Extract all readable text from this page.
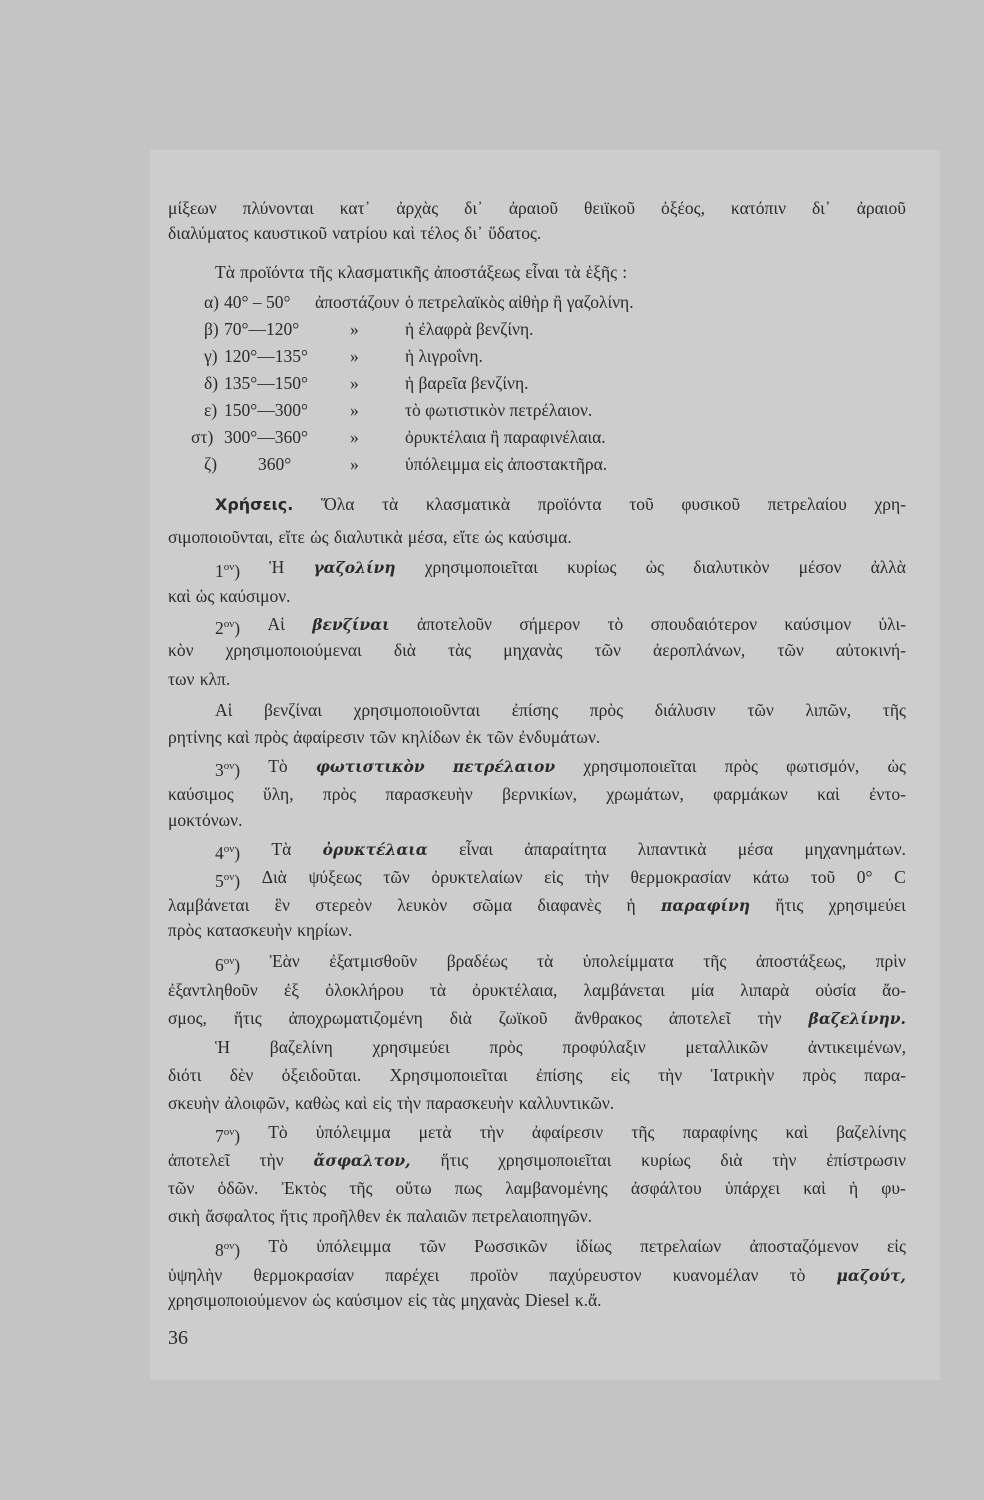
μίξεων πλύνονται κατ᾽ ἀρχὰς δι᾽ ἀραιοῦ θειϊκοῦ ὀξέος, κατόπιν δι᾽ ἀραιοῦ
διαλύματος καυστικοῦ νατρίου καὶ τέλος δι᾽ ὕδατος.
Τὰ προϊόντα τῆς κλασματικῆς ἀποστάξεως εἶναι τὰ ἑξῆς :
α) 40° – 50° ἀποστάζουν ὁ πετρελαϊκὸς αἰθὴρ ἢ γαζολίνη.
β) 70°—120°	»	ἡ ἐλαφρὰ βενζίνη.
γ) 120°—135° »	ἡ λιγροΐνη.
δ) 135°—150° »	ἡ βαρεῖα βενζίνη.
ε) 150°—300° »	τὸ φωτιστικὸν πετρέλαιον.
στ) 300°—360° »	ὀρυκτέλαια ἢ παραφινέλαια.
ζ) 360°	»	ὑπόλειμμα εἰς ἀποστακτῆρα.
Χρήσεις. Ὅλα τὰ κλασματικὰ προϊόντα τοῦ φυσικοῦ πετρελαίου χρη-
σιμοποιοῦνται, εἴτε ὡς διαλυτικὰ μέσα, εἴτε ὡς καύσιμα.
$1^{o\nu}$) Ἡ γαζολίνη χρησιμοποιεῖται κυρίως ὡς διαλυτικὸν μέσον ἀλλὰ
καὶ ὡς καύσιμον.
$2^{o\nu}$) Αἱ βενζίναι ἀποτελοῦν σήμερον τὸ σπουδαιότερον καύσιμον ὑλι-
κὸν χρησιμοποιούμεναι διὰ τὰς μηχανὰς τῶν ἀεροπλάνων, τῶν αὐτοκινή-
των κλπ.
Αἱ βενζίναι χρησιμοποιοῦνται ἐπίσης πρὸς διάλυσιν τῶν λιπῶν, τῆς
ρητίνης καὶ πρὸς ἀφαίρεσιν τῶν κηλίδων ἐκ τῶν ἐνδυμάτων.
$3^{o\nu}$) Τὸ φωτιστικὸν πετρέλαιον χρησιμοποιεῖται πρὸς φωτισμόν, ὡς
καύσιμος ὕλη, πρὸς παρασκευὴν βερνικίων, χρωμάτων, φαρμάκων καὶ ἐντο-
μοκτόνων.
$4^{o\nu}$) Τὰ ὀρυκτέλαια εἶναι ἀπαραίτητα λιπαντικὰ μέσα μηχανημάτων.
$5^{o\nu}$) Διὰ ψύξεως τῶν ὀρυκτελαίων εἰς τὴν θερμοκρασίαν κάτω τοῦ 0° C
λαμβάνεται ἓν στερεὸν λευκὸν σῶμα διαφανὲς ἡ παραφίνη ἥτις χρησιμεύει
πρὸς κατασκευὴν κηρίων.
$6^{o\nu}$) Ἐὰν ἐξατμισθοῦν βραδέως τὰ ὑπολείμματα τῆς ἀποστάξεως, πρὶν
ἐξαντληθοῦν ἐξ ὁλοκλήρου τὰ ὀρυκτέλαια, λαμβάνεται μία λιπαρὰ οὐσία ἄο-
σμος, ἥτις ἀποχρωματιζομένη διὰ ζωϊκοῦ ἄνθρακος ἀποτελεῖ τὴν βαζελίνην.
Ἡ βαζελίνη χρησιμεύει πρὸς προφύλαξιν μεταλλικῶν ἀντικειμένων,
διότι δὲν ὀξειδοῦται. Χρησιμοποιεῖται ἐπίσης εἰς τὴν Ἰατρικὴν πρὸς παρα-
σκευὴν ἀλοιφῶν, καθὼς καὶ εἰς τὴν παρασκευὴν καλλυντικῶν.
$7^{o\nu}$) Τὸ ὑπόλειμμα μετὰ τὴν ἀφαίρεσιν τῆς παραφίνης καὶ βαζελίνης
ἀποτελεῖ τὴν ἄσφαλτον, ἥτις χρησιμοποιεῖται κυρίως διὰ τὴν ἐπίστρωσιν
τῶν ὁδῶν. Ἐκτὸς τῆς οὕτω πως λαμβανομένης ἀσφάλτου ὑπάρχει καὶ ἡ φυ-
σικὴ ἄσφαλτος ἥτις προῆλθεν ἐκ παλαιῶν πετρελαιοπηγῶν.
$8^{o\nu}$) Τὸ ὑπόλειμμα τῶν Ρωσσικῶν ἰδίως πετρελαίων ἀποσταζόμενον εἰς
ὑψηλὴν θερμοκρασίαν παρέχει προϊὸν παχύρευστον κυανομέλαν τὸ μαζούτ,
χρησιμοποιούμενον ὡς καύσιμον εἰς τὰς μηχανὰς Diesel κ.ἄ.
36
